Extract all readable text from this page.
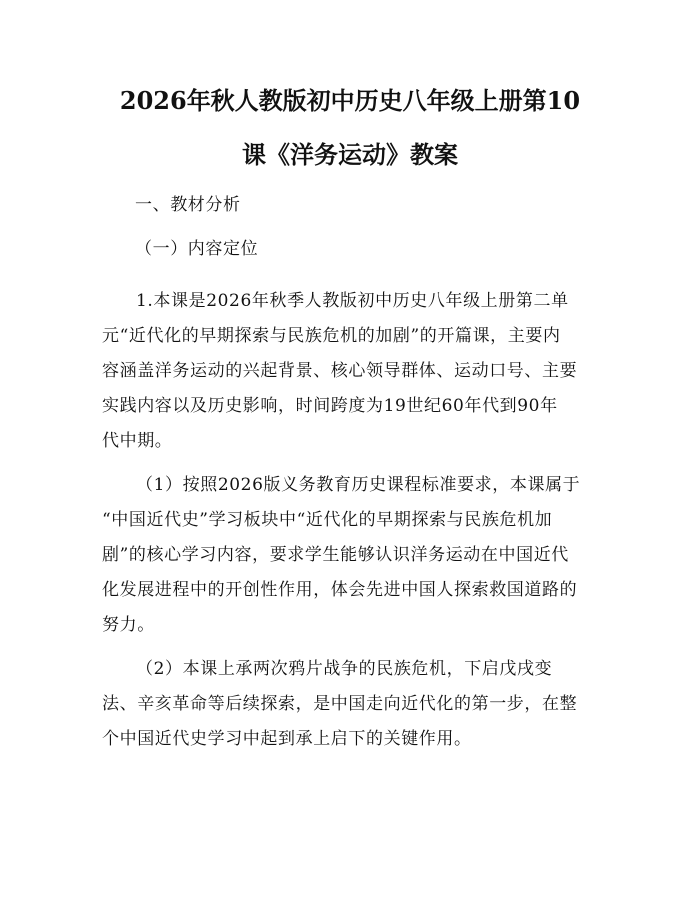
2026年秋人教版初中历史八年级上册第10
课《洋务运动》教案
一、教材分析
（一）内容定位
1.本课是2026年秋季人教版初中历史八年级上册第二单
元“近代化的早期探索与民族危机的加剧”的开篇课，主要内
容涵盖洋务运动的兴起背景、核心领导群体、运动口号、主要
实践内容以及历史影响，时间跨度为19世纪60年代到90年
代中期。
（1）按照2026版义务教育历史课程标准要求，本课属于
“中国近代史”学习板块中“近代化的早期探索与民族危机加
剧”的核心学习内容，要求学生能够认识洋务运动在中国近代
化发展进程中的开创性作用，体会先进中国人探索救国道路的
努力。
（2）本课上承两次鸦片战争的民族危机，下启戊戌变
法、辛亥革命等后续探索，是中国走向近代化的第一步，在整
个中国近代史学习中起到承上启下的关键作用。
